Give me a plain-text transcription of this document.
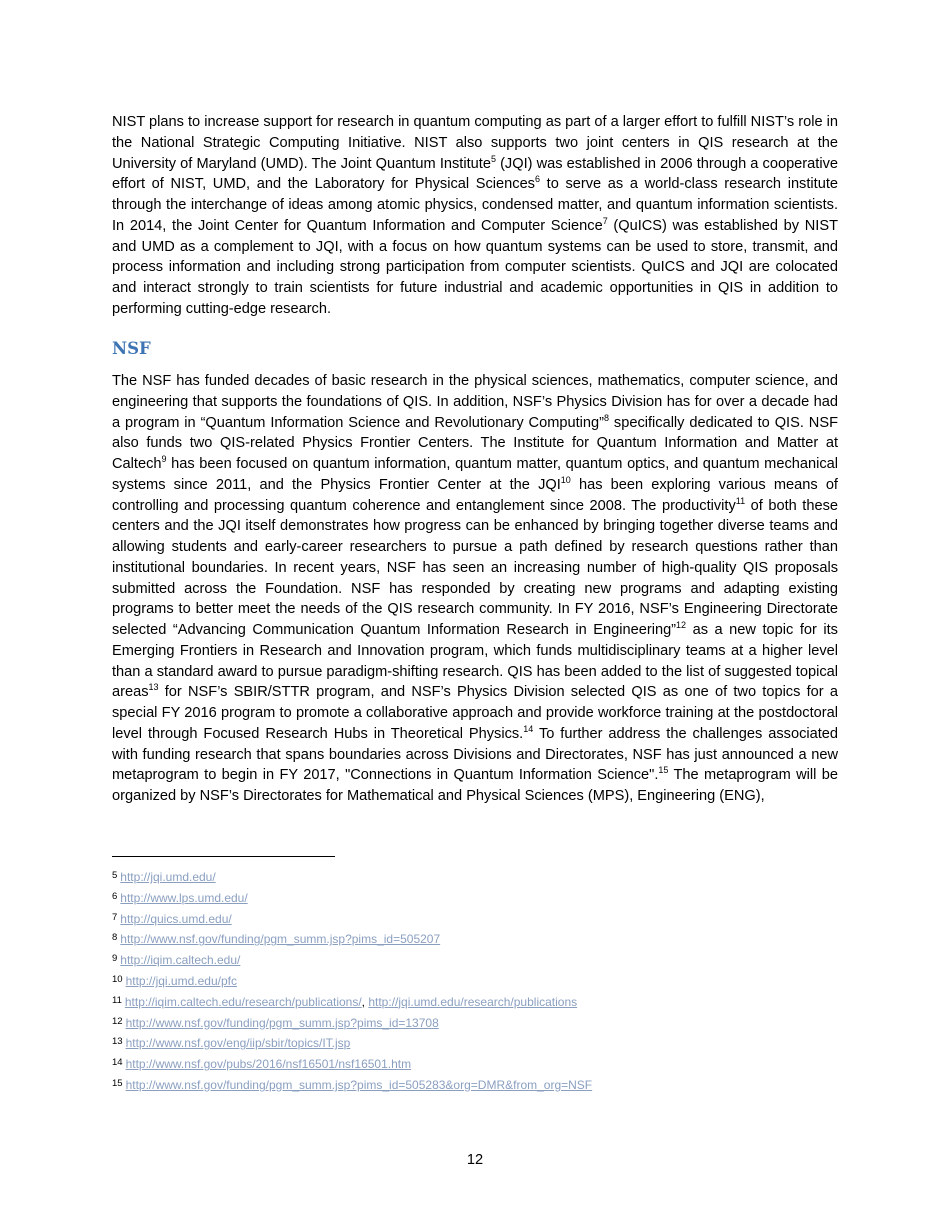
NIST plans to increase support for research in quantum computing as part of a larger effort to fulfill NIST’s role in the National Strategic Computing Initiative. NIST also supports two joint centers in QIS research at the University of Maryland (UMD). The Joint Quantum Institute$^5$ (JQI) was established in 2006 through a cooperative effort of NIST, UMD, and the Laboratory for Physical Sciences$^6$ to serve as a world-class research institute through the interchange of ideas among atomic physics, condensed matter, and quantum information scientists. In 2014, the Joint Center for Quantum Information and Computer Science$^7$ (QuICS) was established by NIST and UMD as a complement to JQI, with a focus on how quantum systems can be used to store, transmit, and process information and including strong participation from computer scientists. QuICS and JQI are colocated and interact strongly to train scientists for future industrial and academic opportunities in QIS in addition to performing cutting-edge research.

NSF

The NSF has funded decades of basic research in the physical sciences, mathematics, computer science, and engineering that supports the foundations of QIS. In addition, NSF’s Physics Division has for over a decade had a program in “Quantum Information Science and Revolutionary Computing”$^8$ specifically dedicated to QIS. NSF also funds two QIS-related Physics Frontier Centers. The Institute for Quantum Information and Matter at Caltech$^9$ has been focused on quantum information, quantum matter, quantum optics, and quantum mechanical systems since 2011, and the Physics Frontier Center at the JQI$^{10}$ has been exploring various means of controlling and processing quantum coherence and entanglement since 2008. The productivity$^{11}$ of both these centers and the JQI itself demonstrates how progress can be enhanced by bringing together diverse teams and allowing students and early-career researchers to pursue a path defined by research questions rather than institutional boundaries. In recent years, NSF has seen an increasing number of high-quality QIS proposals submitted across the Foundation. NSF has responded by creating new programs and adapting existing programs to better meet the needs of the QIS research community. In FY 2016, NSF’s Engineering Directorate selected “Advancing Communication Quantum Information Research in Engineering”$^{12}$ as a new topic for its Emerging Frontiers in Research and Innovation program, which funds multidisciplinary teams at a higher level than a standard award to pursue paradigm-shifting research. QIS has been added to the list of suggested topical areas$^{13}$ for NSF’s SBIR/STTR program, and NSF’s Physics Division selected QIS as one of two topics for a special FY 2016 program to promote a collaborative approach and provide workforce training at the postdoctoral level through Focused Research Hubs in Theoretical Physics.$^{14}$ To further address the challenges associated with funding research that spans boundaries across Divisions and Directorates, NSF has just announced a new metaprogram to begin in FY 2017, "Connections in Quantum Information Science".$^{15}$ The metaprogram will be organized by NSF’s Directorates for Mathematical and Physical Sciences (MPS), Engineering (ENG),

$^5$ http://jqi.umd.edu/
$^6$ http://www.lps.umd.edu/
$^7$ http://quics.umd.edu/
$^8$ http://www.nsf.gov/funding/pgm_summ.jsp?pims_id=505207
$^9$ http://iqim.caltech.edu/
$^{10}$ http://jqi.umd.edu/pfc
$^{11}$ http://iqim.caltech.edu/research/publications/, http://jqi.umd.edu/research/publications
$^{12}$ http://www.nsf.gov/funding/pgm_summ.jsp?pims_id=13708
$^{13}$ http://www.nsf.gov/eng/iip/sbir/topics/IT.jsp
$^{14}$ http://www.nsf.gov/pubs/2016/nsf16501/nsf16501.htm
$^{15}$ http://www.nsf.gov/funding/pgm_summ.jsp?pims_id=505283&org=DMR&from_org=NSF
12
